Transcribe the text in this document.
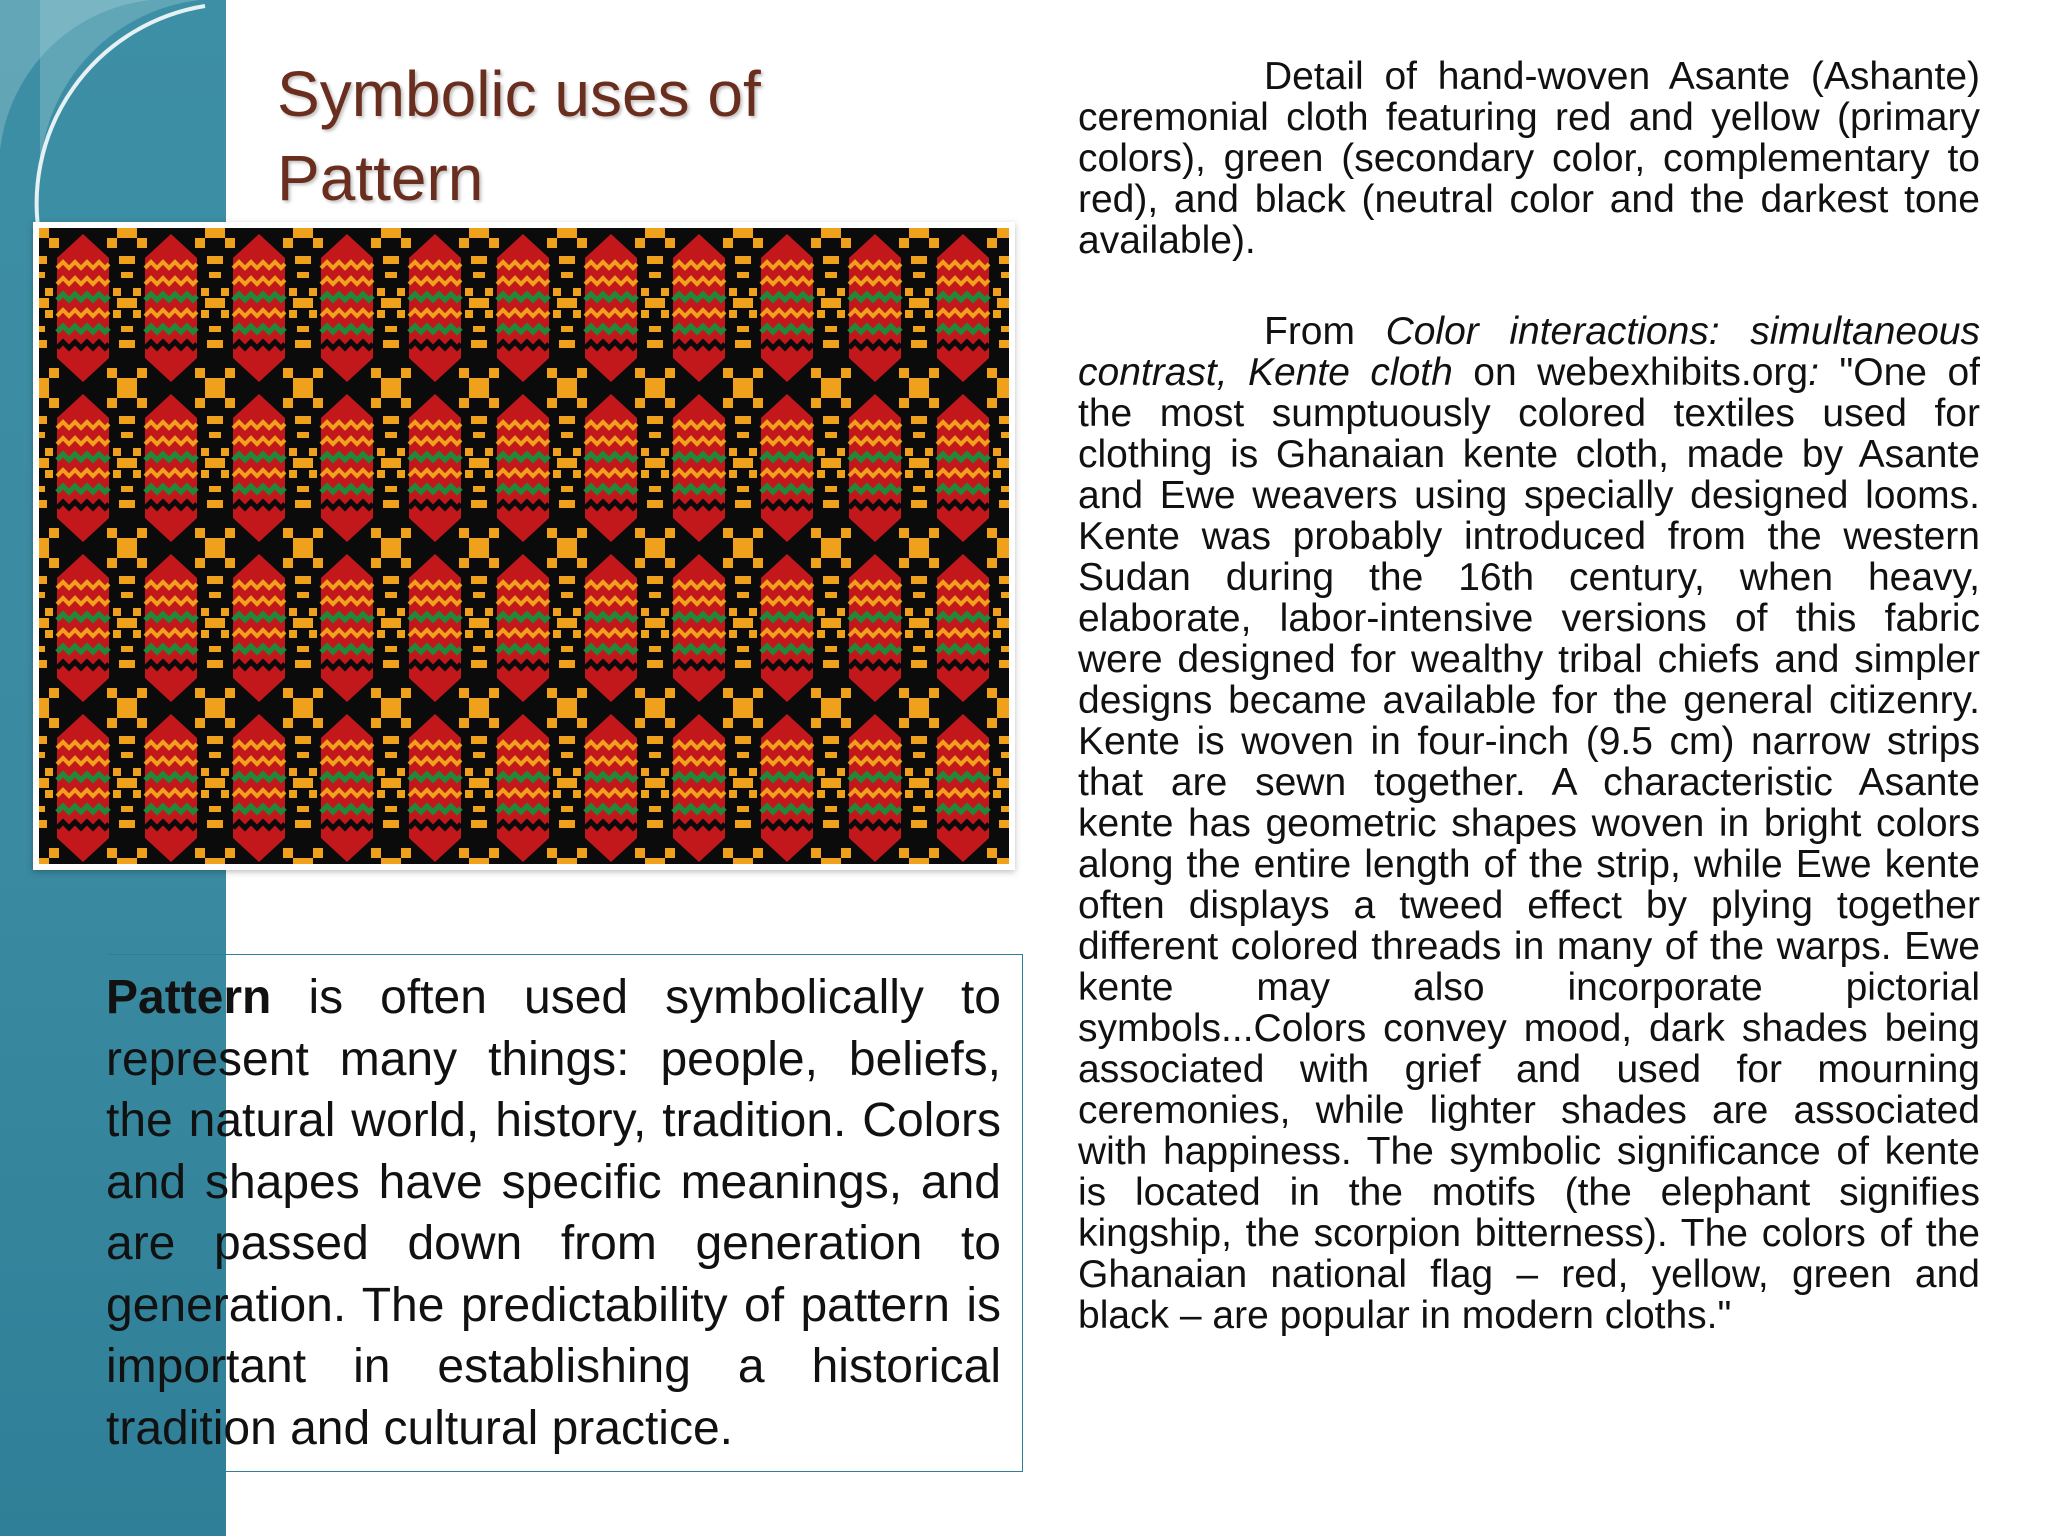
Symbolic uses of Pattern

Detail of hand-woven Asante (Ashante) ceremonial cloth featuring red and yellow (primary colors), green (secondary color, complementary to red), and black (neutral color and the darkest tone available).

From Color interactions: simultaneous contrast, Kente cloth on webexhibits.org: "One of the most sumptuously colored textiles used for clothing is Ghanaian kente cloth, made by Asante and Ewe weavers using specially designed looms. Kente was probably introduced from the western Sudan during the 16th century, when heavy, elaborate, labor-intensive versions of this fabric were designed for wealthy tribal chiefs and simpler designs became available for the general citizenry. Kente is woven in four-inch (9.5 cm) narrow strips that are sewn together. A characteristic Asante kente has geometric shapes woven in bright colors along the entire length of the strip, while Ewe kente often displays a tweed effect by plying together different colored threads in many of the warps. Ewe kente may also incorporate pictorial symbols...Colors convey mood, dark shades being associated with grief and used for mourning ceremonies, while lighter shades are associated with happiness. The symbolic significance of kente is located in the motifs (the elephant signifies kingship, the scorpion bitterness). The colors of the Ghanaian national flag – red, yellow, green and black – are popular in modern cloths."

Pattern is often used symbolically to represent many things: people, beliefs, the natural world, history, tradition. Colors and shapes have specific meanings, and are passed down from generation to generation. The predictability of pattern is important in establishing a historical tradition and cultural practice.
